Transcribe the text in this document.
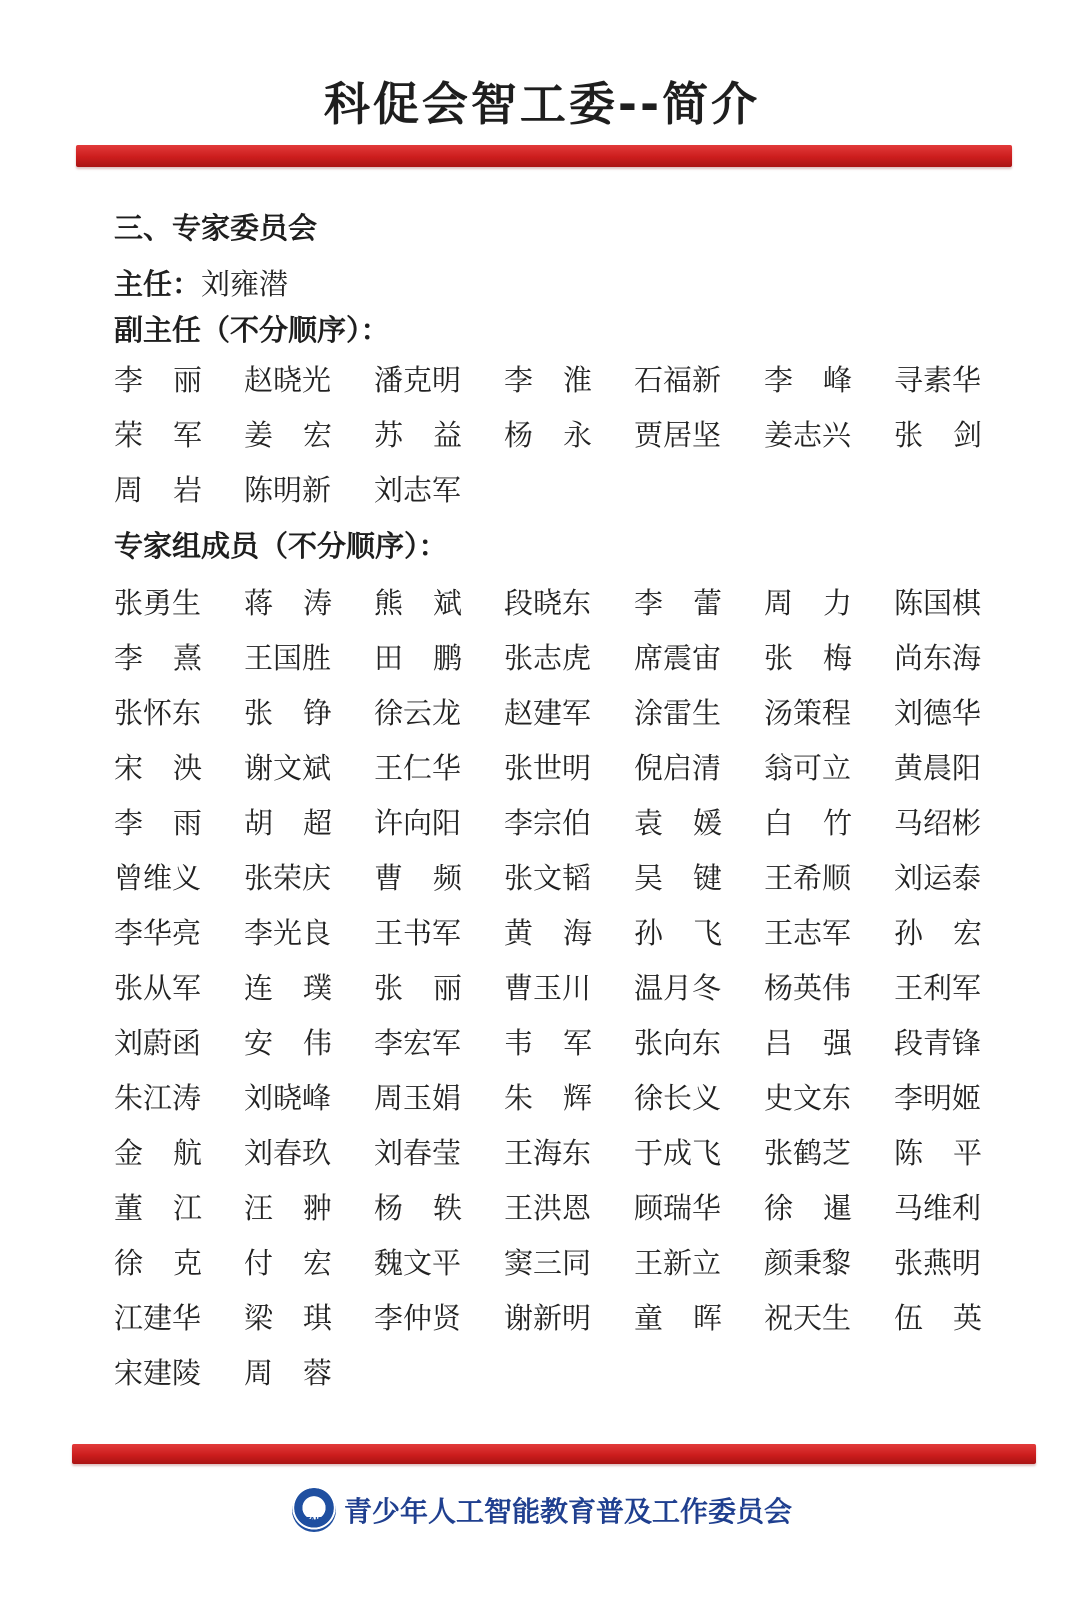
科促会智工委--简介
三、专家委员会
主任：刘雍潜
副主任（不分顺序）：
李丽 赵晓光 潘克明 李淮 石福新 李峰 寻素华
荣军 姜宏 苏益 杨永 贾居坚 姜志兴 张剑
周岩 陈明新 刘志军
专家组成员（不分顺序）：
张勇生 蒋涛 熊斌 段晓东 李蕾 周力 陈国棋
李熹 王国胜 田鹏 张志虎 席震宙 张梅 尚东海
张怀东 张铮 徐云龙 赵建军 涂雷生 汤策程 刘德华
宋泱 谢文斌 王仁华 张世明 倪启清 翁可立 黄晨阳
李雨 胡超 许向阳 李宗伯 袁媛 白竹 马绍彬
曾维义 张荣庆 曹频 张文韬 吴键 王希顺 刘运泰
李华亮 李光良 王书军 黄海 孙飞 王志军 孙宏
张从军 连璞 张丽 曹玉川 温月冬 杨英伟 王利军
刘蔚函 安伟 李宏军 韦军 张向东 吕强 段青锋
朱江涛 刘晓峰 周玉娟 朱辉 徐长义 史文东 李明姬
金航 刘春玖 刘春莹 王海东 于成飞 张鹤芝 陈平
董江 汪翀 杨轶 王洪恩 顾瑞华 徐暹 马维利
徐克 付宏 魏文平 窦三同 王新立 颜秉黎 张燕明
江建华 梁琪 李仲贤 谢新明 童晖 祝天生 伍英
宋建陵 周蓉
TAIE 青少年人工智能教育普及工作委员会
